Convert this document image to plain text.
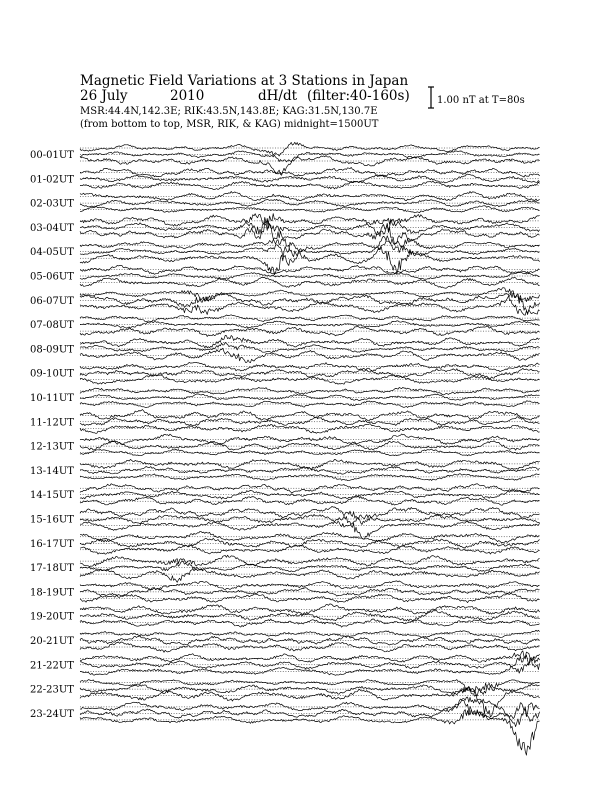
Magnetic Field Variations at 3 Stations in Japan
26 July	2010	dH/dt (filter:40-160s)
MSR:44.4N,142.3E; RIK:43.5N,143.8E; KAG:31.5N,130.7E
(from bottom to top, MSR, RIK, & KAG) midnight=1500UT
1.00 nT at T=80s
00-01UT
01-02UT
02-03UT
03-04UT
04-05UT
05-06UT
06-07UT
07-08UT
08-09UT
09-10UT
10-11UT
11-12UT
12-13UT
13-14UT
14-15UT
15-16UT
16-17UT
17-18UT
18-19UT
19-20UT
20-21UT
21-22UT
22-23UT
23-24UT
